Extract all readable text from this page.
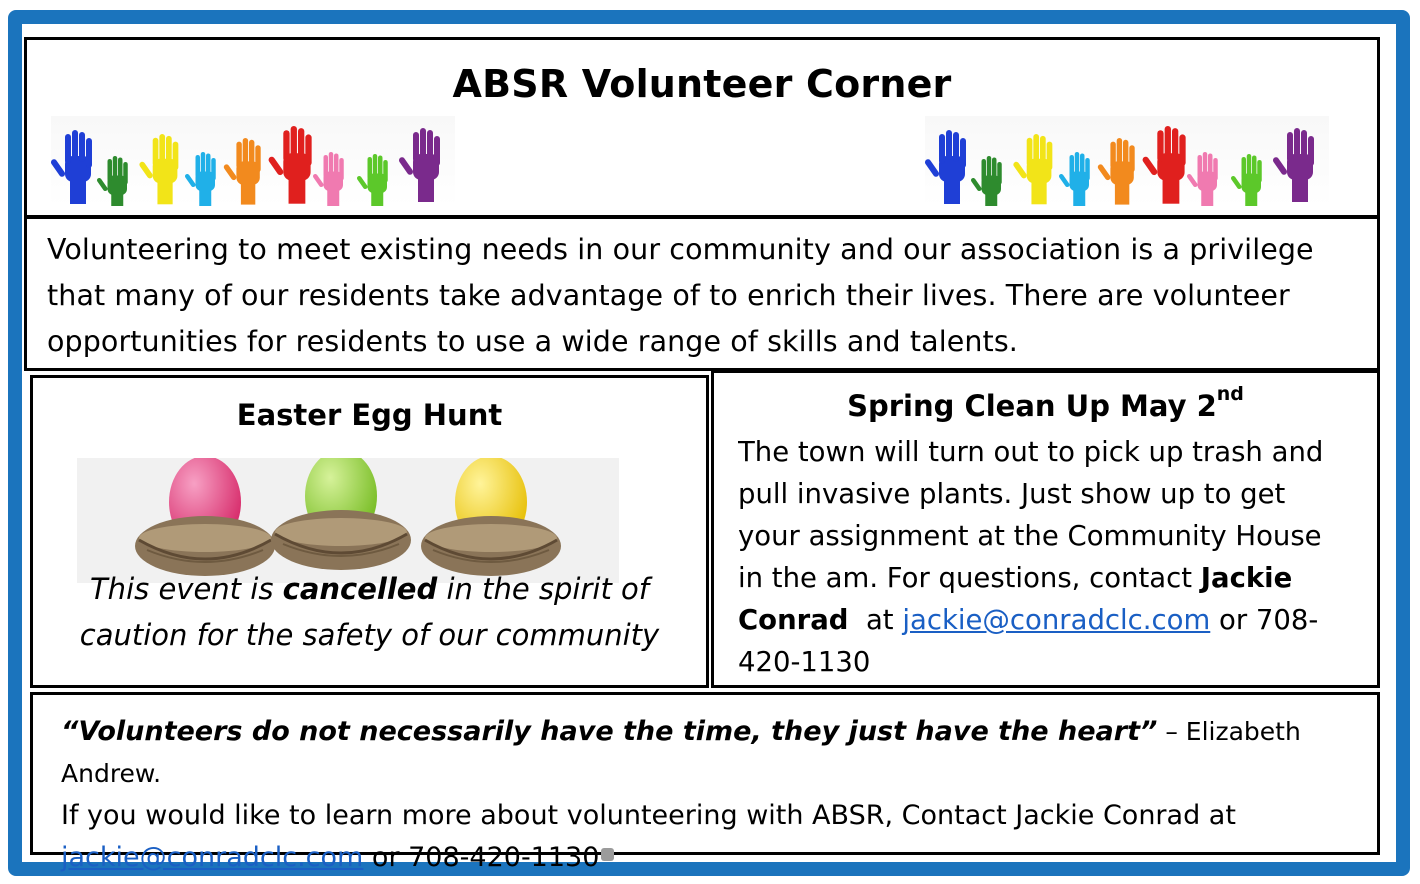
ABSR Volunteer Corner
Volunteering to meet existing needs in our community and our association is a privilege that many of our residents take advantage of to enrich their lives. There are volunteer opportunities for residents to use a wide range of skills and talents.
Easter Egg Hunt
This event is cancelled in the spirit of caution for the safety of our community
Spring Clean Up May 2nd
The town will turn out to pick up trash and pull invasive plants. Just show up to get your assignment at the Community House in the am. For questions, contact Jackie Conrad  at jackie@conradclc.com or 708-420-1130
“Volunteers do not necessarily have the time, they just have the heart” – Elizabeth Andrew.
If you would like to learn more about volunteering with ABSR, Contact Jackie Conrad at
jackie@conradclc.com or 708-420-1130
